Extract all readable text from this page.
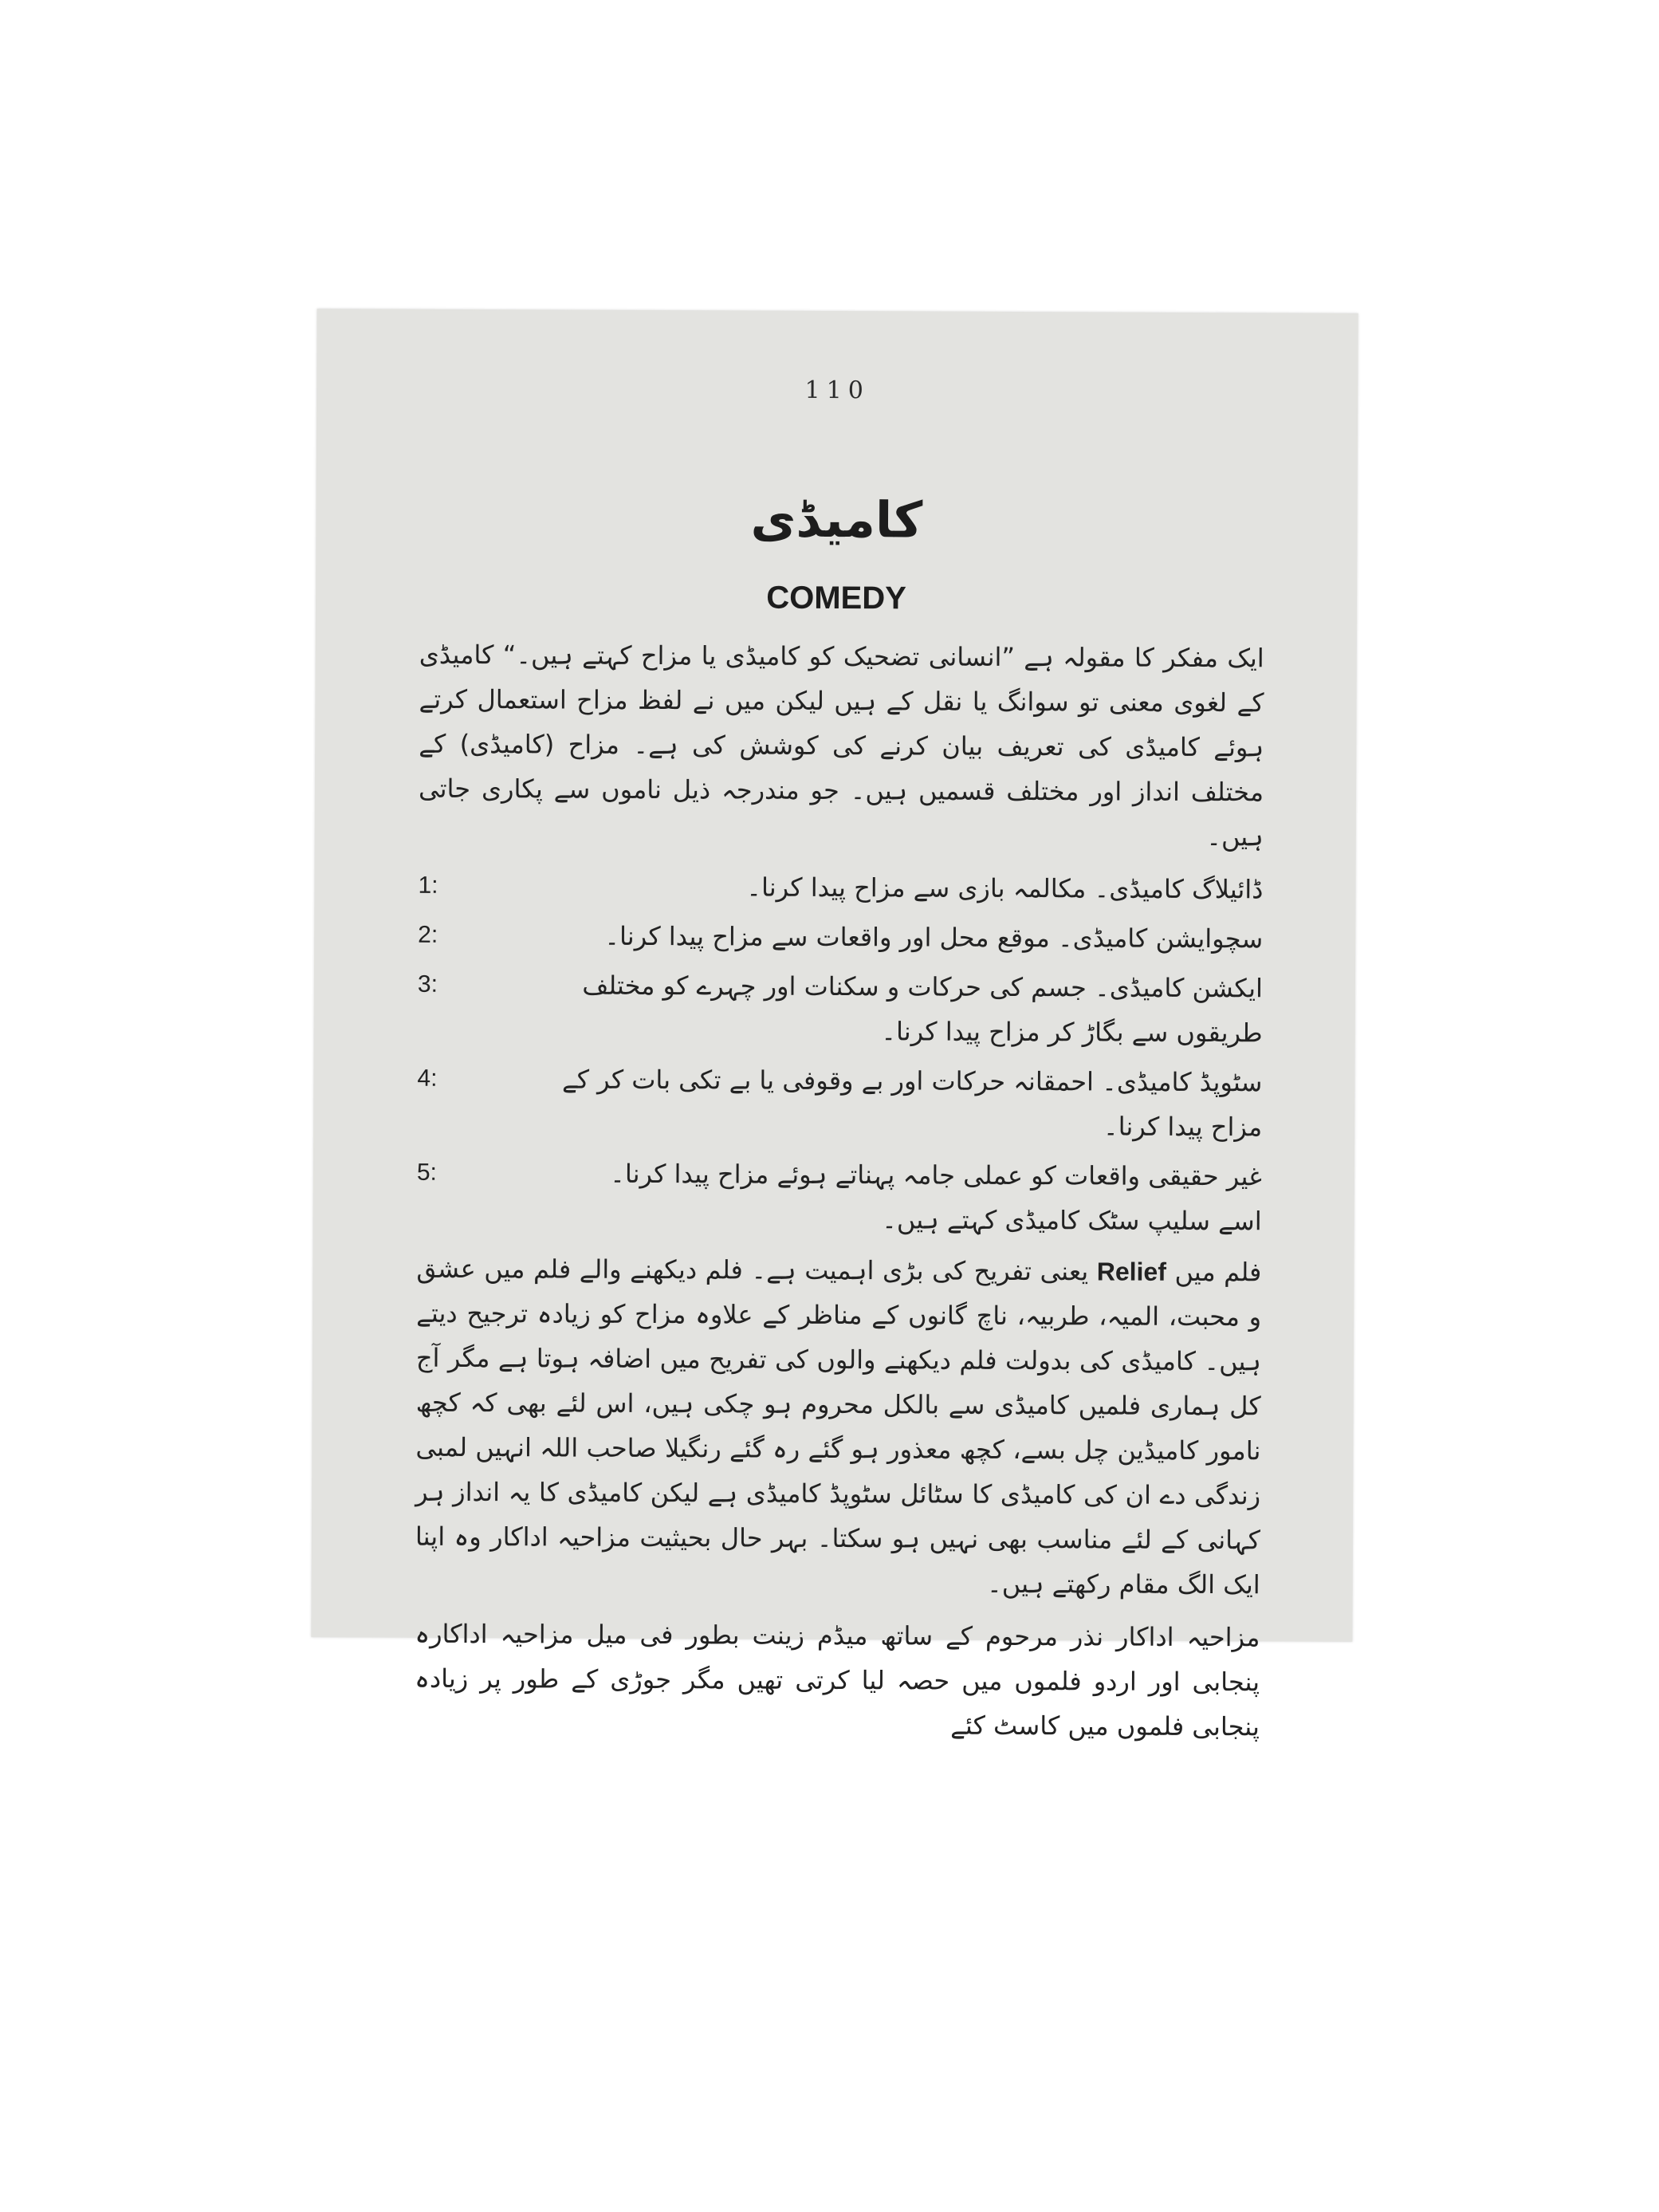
110
کامیڈی
COMEDY

ایک مفکر کا مقولہ ہے ”انسانی تضحیک کو کامیڈی یا مزاح کہتے ہیں۔“ کامیڈی کے لغوی معنی تو سوانگ یا نقل کے ہیں لیکن میں نے لفظ مزاح استعمال کرتے ہوئے کامیڈی کی تعریف بیان کرنے کی کوشش کی ہے۔ مزاح (کامیڈی) کے مختلف انداز اور مختلف قسمیں ہیں۔ جو مندرجہ ذیل ناموں سے پکاری جاتی ہیں۔

ڈائیلاگ کامیڈی۔ مکالمہ بازی سے مزاح پیدا کرنا۔
1:
سچوایشن کامیڈی۔ موقع محل اور واقعات سے مزاح پیدا کرنا۔
2:
ایکشن کامیڈی۔ جسم کی حرکات و سکنات اور چہرے کو مختلف طریقوں سے بگاڑ کر مزاح پیدا کرنا۔
3:
سٹوپڈ کامیڈی۔ احمقانہ حرکات اور بے وقوفی یا بے تکی بات کر کے مزاح پیدا کرنا۔
4:
غیر حقیقی واقعات کو عملی جامہ پہناتے ہوئے مزاح پیدا کرنا۔ اسے سلیپ سٹک کامیڈی کہتے ہیں۔
5:

فلم میں Relief یعنی تفریح کی بڑی اہمیت ہے۔ فلم دیکھنے والے فلم میں عشق و محبت، المیہ، طربیہ، ناچ گانوں کے مناظر کے علاوہ مزاح کو زیادہ ترجیح دیتے ہیں۔ کامیڈی کی بدولت فلم دیکھنے والوں کی تفریح میں اضافہ ہوتا ہے مگر آج کل ہماری فلمیں کامیڈی سے بالکل محروم ہو چکی ہیں، اس لئے بھی کہ کچھ نامور کامیڈین چل بسے، کچھ معذور ہو گئے رہ گئے رنگیلا صاحب اللہ انہیں لمبی زندگی دے ان کی کامیڈی کا سٹائل سٹوپڈ کامیڈی ہے لیکن کامیڈی کا یہ انداز ہر کہانی کے لئے مناسب بھی نہیں ہو سکتا۔ بہر حال بحیثیت مزاحیہ اداکار وہ اپنا ایک الگ مقام رکھتے ہیں۔

مزاحیہ اداکار نذر مرحوم کے ساتھ میڈم زینت بطور فی میل مزاحیہ اداکارہ پنجابی اور اردو فلموں میں حصہ لیا کرتی تھیں مگر جوڑی کے طور پر زیادہ پنجابی فلموں میں کاسٹ کئے
